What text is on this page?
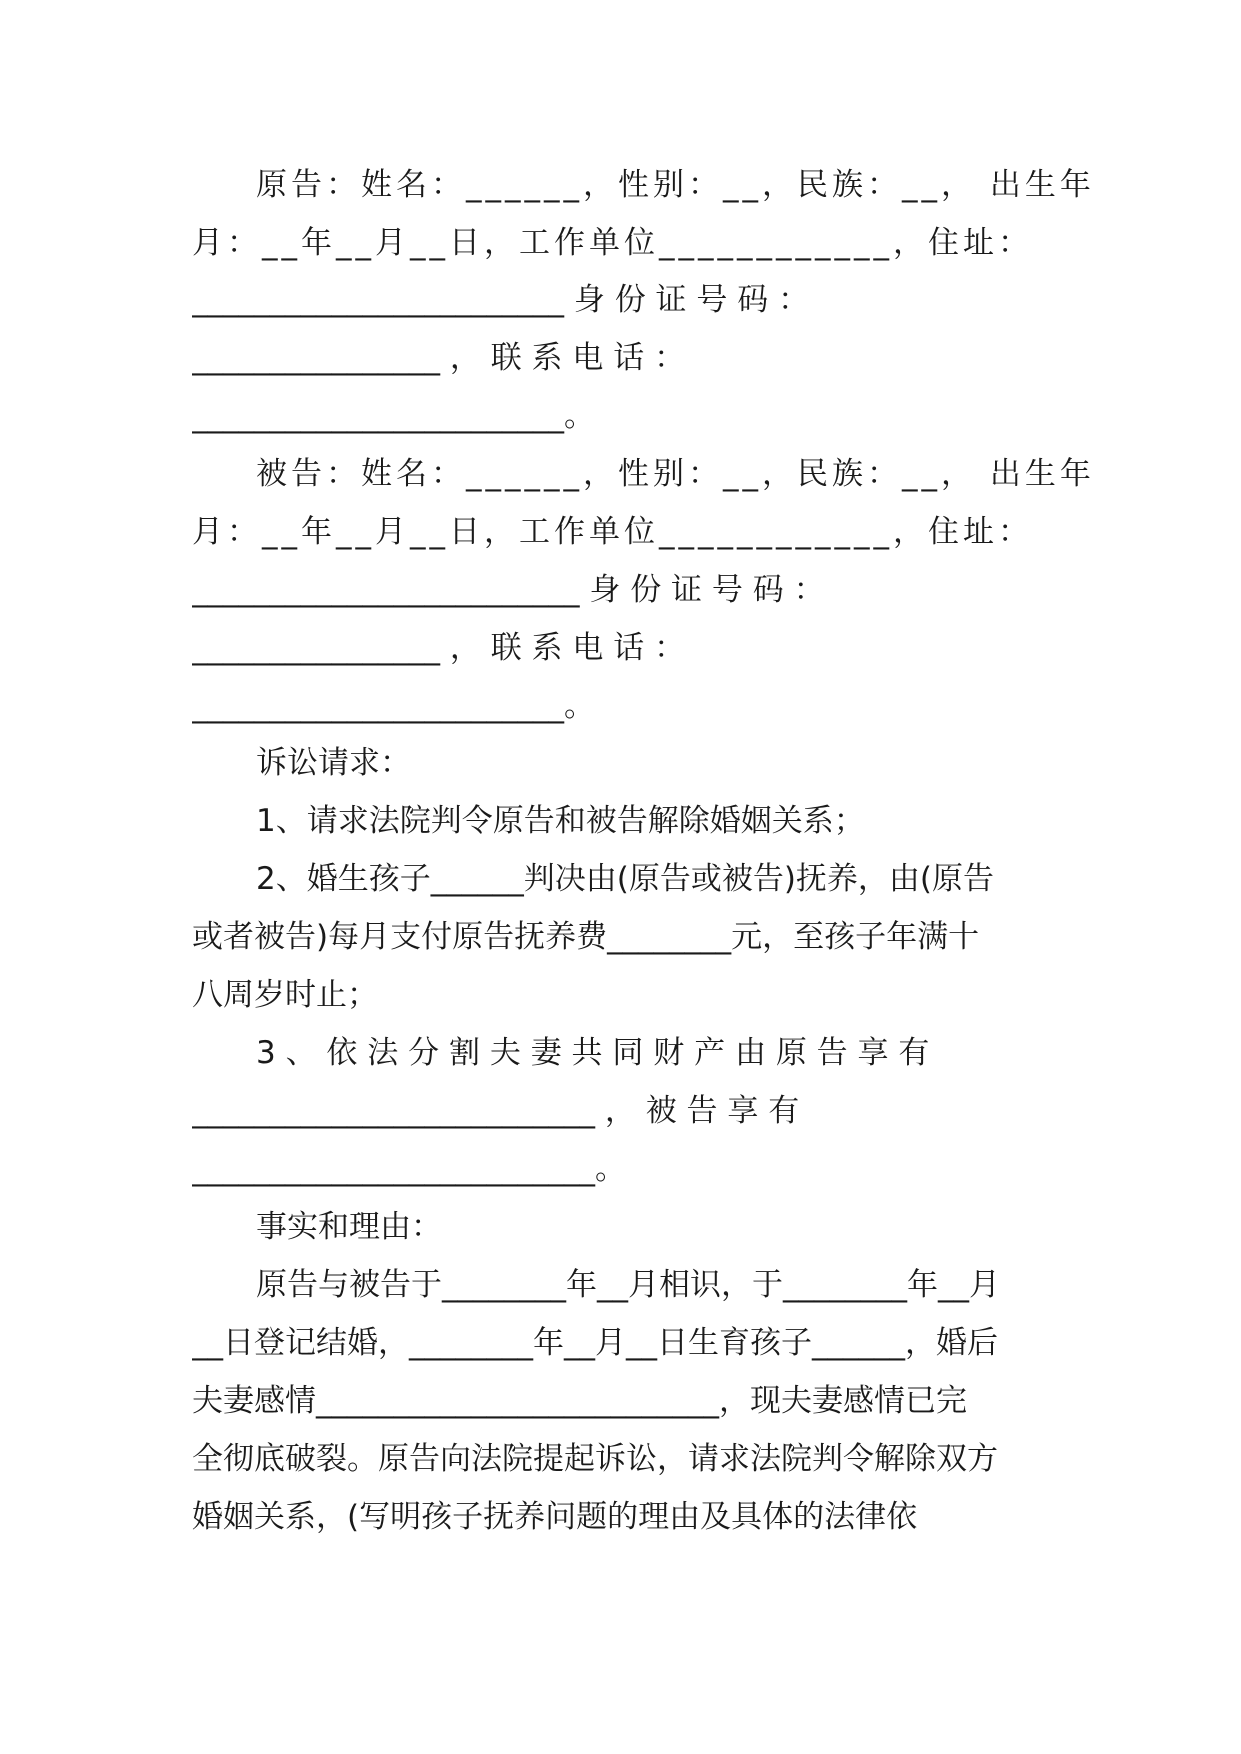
原告：姓名：______，性别：__，民族：__， 出生年
月：__年__月__日，工作单位____________，住址：
________________________ 身 份 证 号 码 ：
________________ ， 联 系 电 话 ：
________________________。
被告：姓名：______，性别：__，民族：__， 出生年
月：__年__月__日，工作单位____________，住址：
_________________________ 身 份 证 号 码 ：
________________ ， 联 系 电 话 ：
________________________。
诉讼请求：
1、请求法院判令原告和被告解除婚姻关系；
2、婚生孩子______判决由(原告或被告)抚养，由(原告
或者被告)每月支付原告抚养费________元，至孩子年满十
八周岁时止；
3 、 依 法 分 割 夫 妻 共 同 财 产 由 原 告 享 有
__________________________ ， 被 告 享 有
__________________________。
事实和理由：
原告与被告于________年__月相识，于________年__月
__日登记结婚，________年__月__日生育孩子______，婚后
夫妻感情__________________________，现夫妻感情已完
全彻底破裂。原告向法院提起诉讼，请求法院判令解除双方
婚姻关系，(写明孩子抚养问题的理由及具体的法律依
